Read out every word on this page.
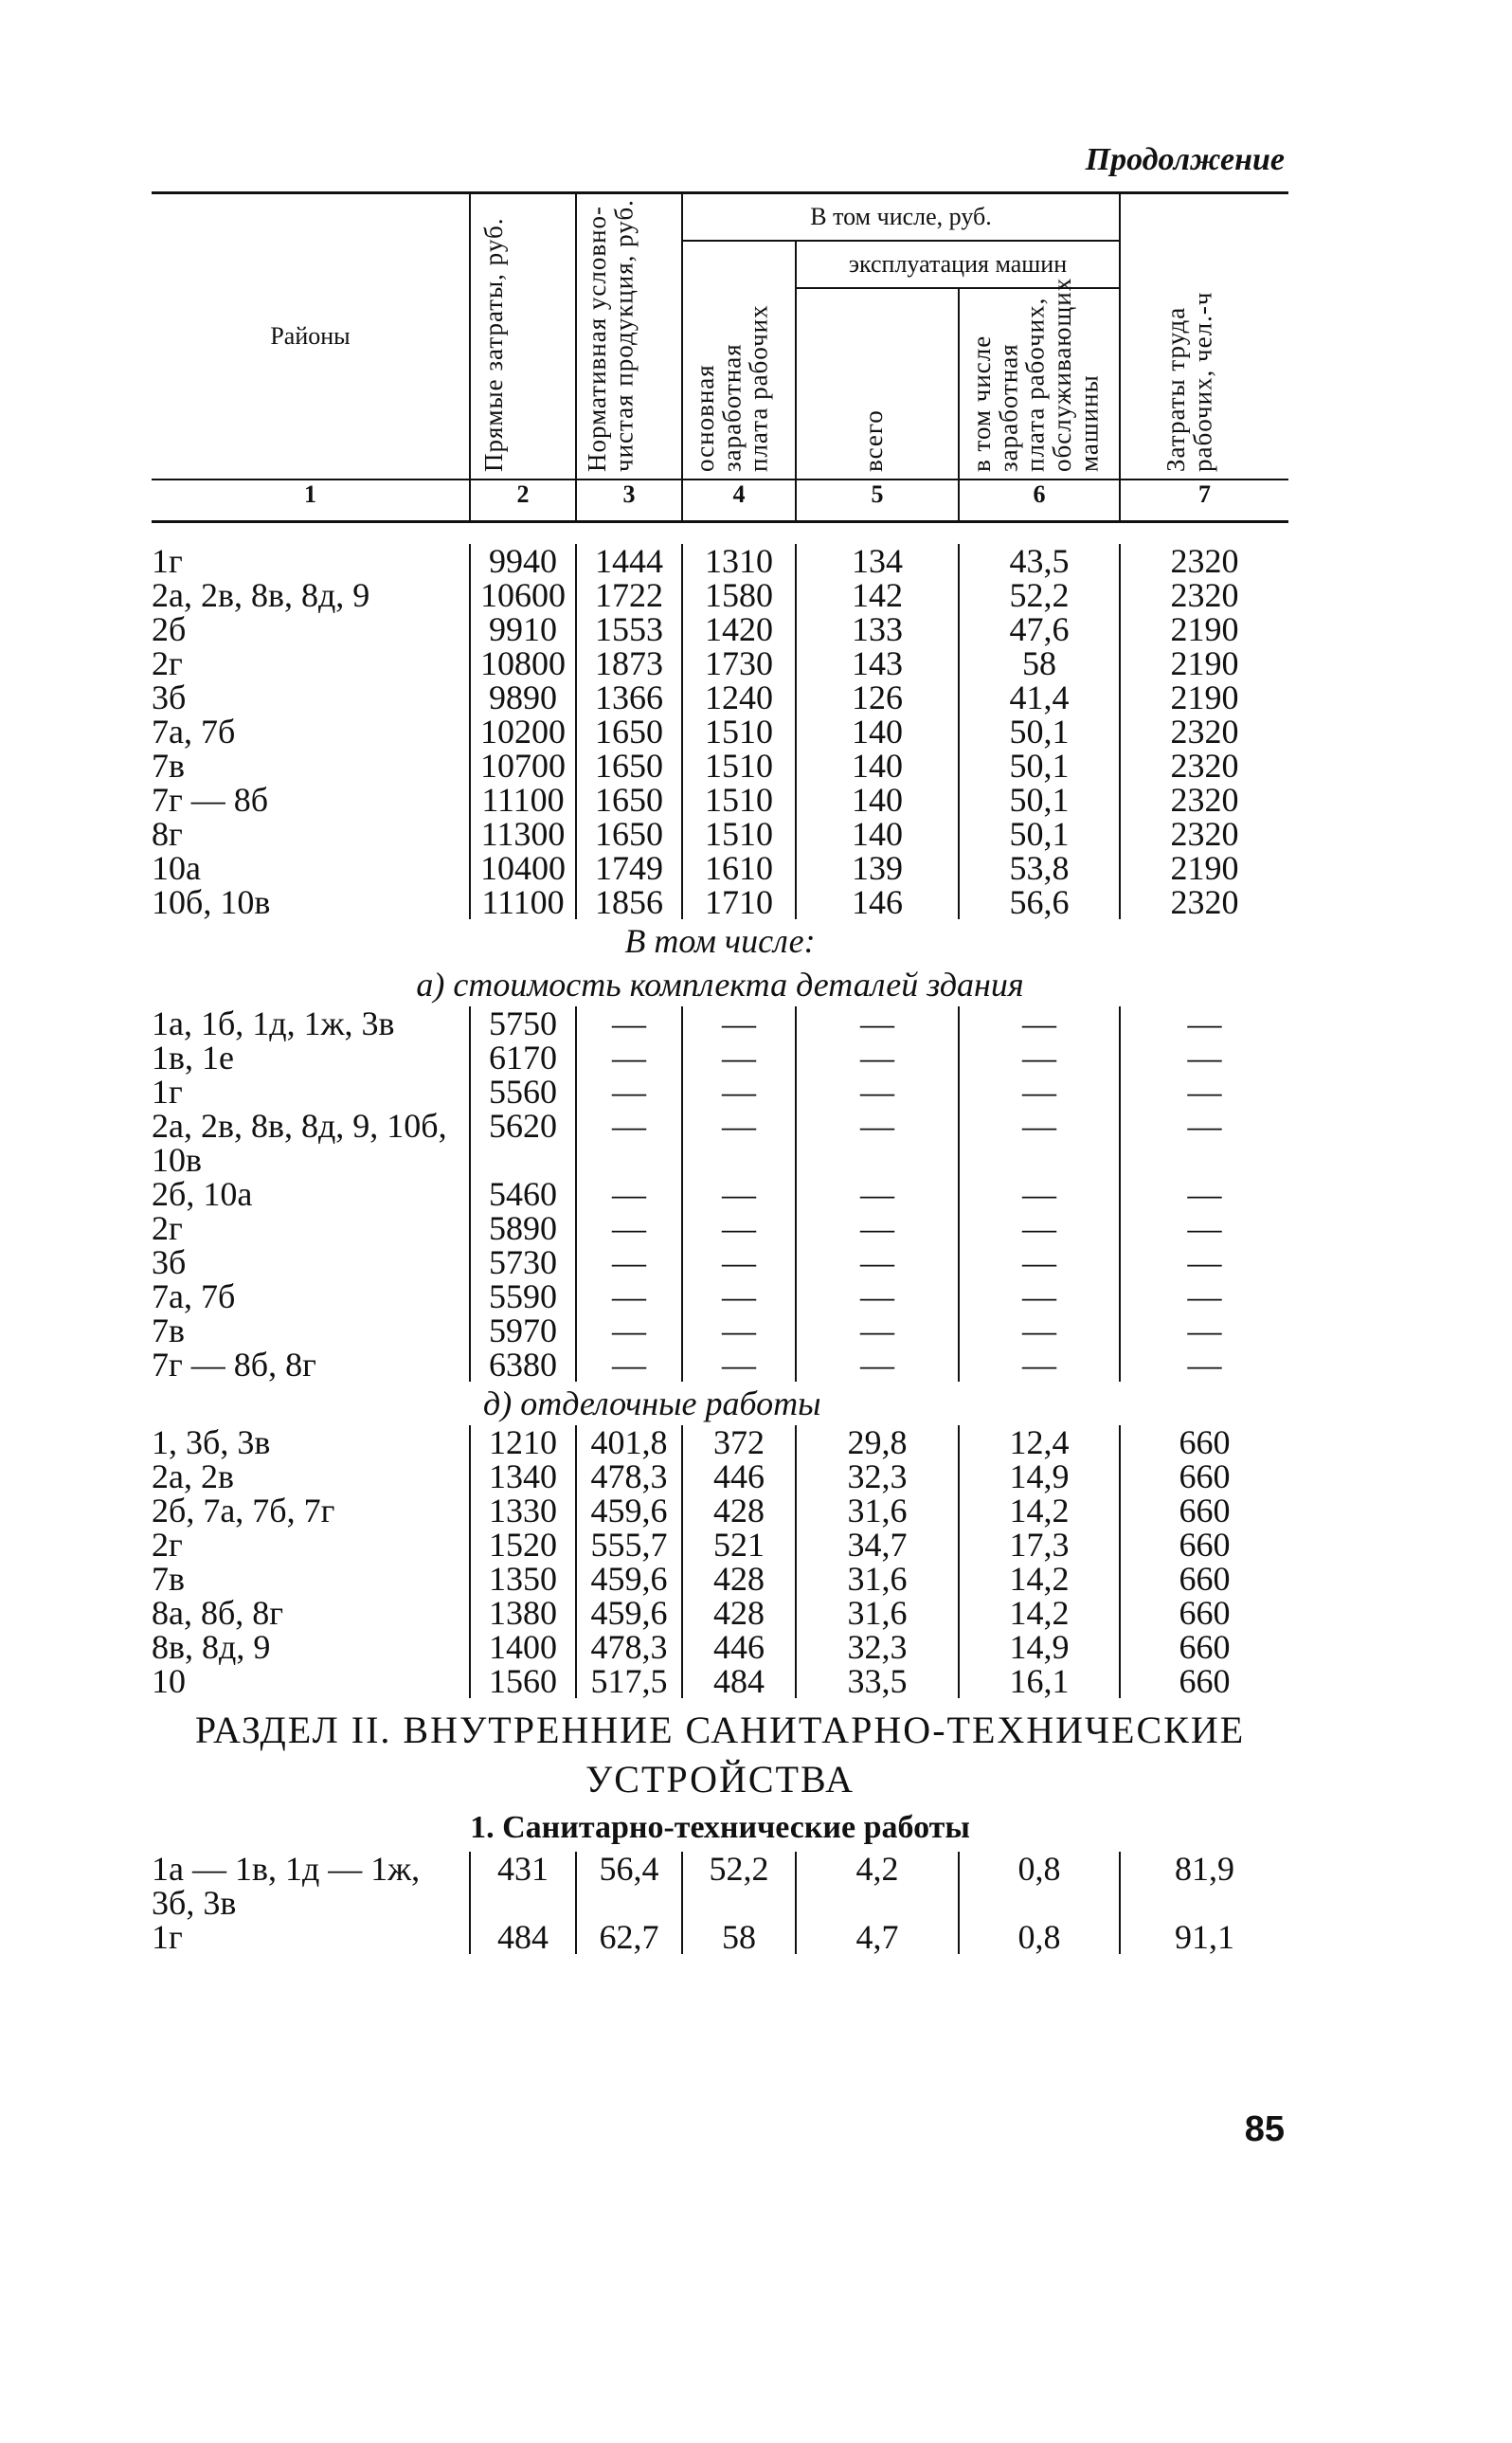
Продолжение
Районы	Прямые затраты, руб.	Нормативная условно-чистая продукция, руб.	В том числе, руб.			Затраты труда рабочих, чел.-ч
			основная заработная плата рабочих	эксплуатация машин		
				всего	в том числе заработная плата рабочих, обслуживающих машины	
1	2	3	4	5	6	7

1г	9940	1444	1310	134	43,5	2320
2а, 2в, 8в, 8д, 9	10600	1722	1580	142	52,2	2320
2б	9910	1553	1420	133	47,6	2190
2г	10800	1873	1730	143	58	2190
3б	9890	1366	1240	126	41,4	2190
7а, 7б	10200	1650	1510	140	50,1	2320
7в	10700	1650	1510	140	50,1	2320
7г — 8б	11100	1650	1510	140	50,1	2320
8г	11300	1650	1510	140	50,1	2320
10а	10400	1749	1610	139	53,8	2190
10б, 10в	11100	1856	1710	146	56,6	2320
В том числе:						
а) стоимость комплекта деталей здания						
1а, 1б, 1д, 1ж, 3в	5750	—	—	—	—	—
1в, 1е	6170	—	—	—	—	—
1г	5560	—	—	—	—	—
2а, 2в, 8в, 8д, 9, 10б, 10в	5620	—	—	—	—	—
2б, 10а	5460	—	—	—	—	—
2г	5890	—	—	—	—	—
3б	5730	—	—	—	—	—
7а, 7б	5590	—	—	—	—	—
7в	5970	—	—	—	—	—
7г — 8б, 8г	6380	—	—	—	—	—
	д) отделочные работы					
1, 3б, 3в	1210	401,8	372	29,8	12,4	660
2а, 2в	1340	478,3	446	32,3	14,9	660
2б, 7а, 7б, 7г	1330	459,6	428	31,6	14,2	660
2г	1520	555,7	521	34,7	17,3	660
7в	1350	459,6	428	31,6	14,2	660
8а, 8б, 8г	1380	459,6	428	31,6	14,2	660
8в, 8д, 9	1400	478,3	446	32,3	14,9	660
10	1560	517,5	484	33,5	16,1	660
РАЗДЕЛ II. ВНУТРЕННИЕ САНИТАРНО-ТЕХНИЧЕСКИЕ
УСТРОЙСТВА
1. Санитарно-технические работы
1а — 1в, 1д — 1ж, 3б, 3в	431	56,4	52,2	4,2	0,8	81,9
1г	484	62,7	58	4,7	0,8	91,1
85
